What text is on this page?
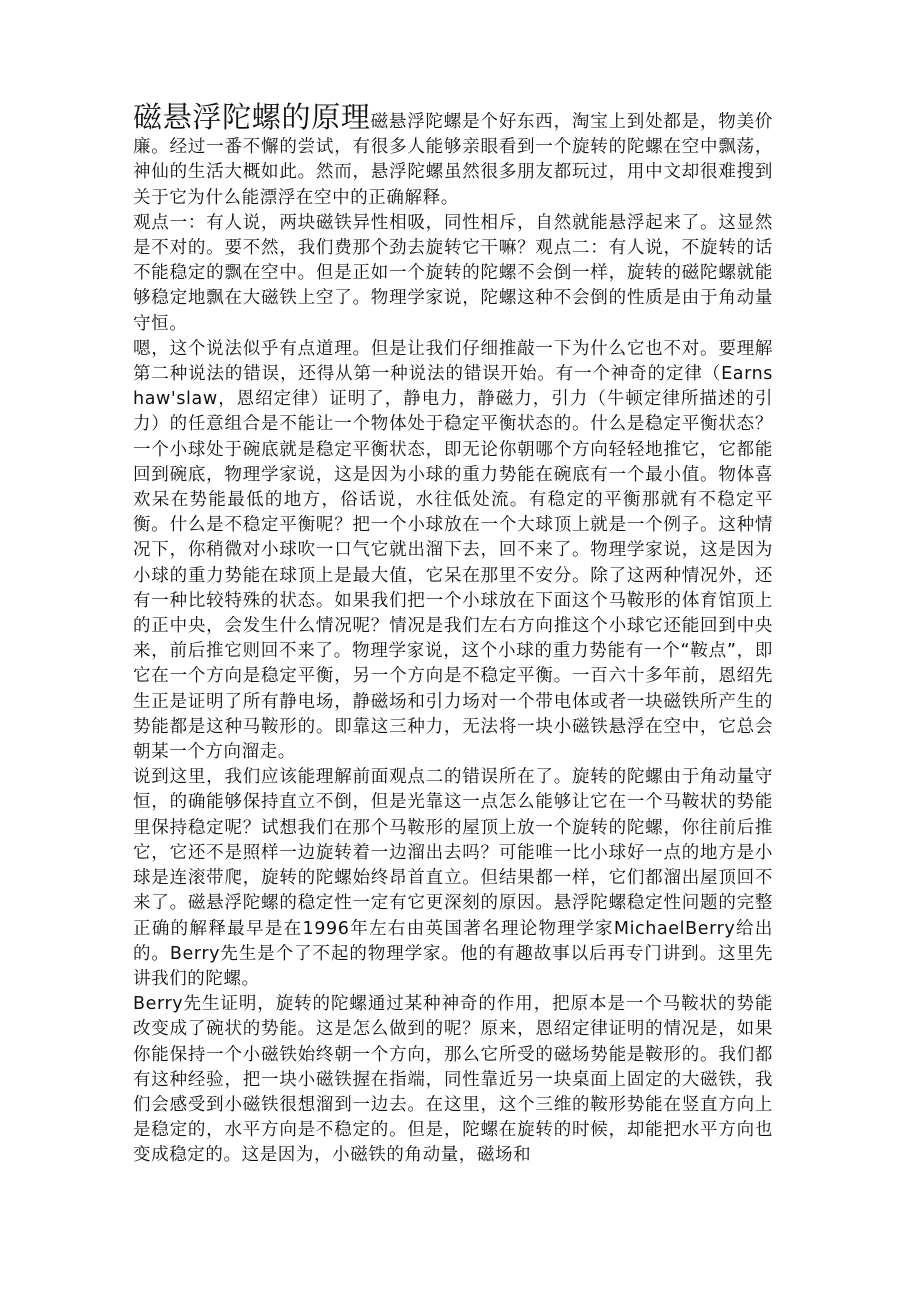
磁悬浮陀螺的原理磁悬浮陀螺是个好东西，淘宝上到处都是，物美价廉。经过一番不懈的尝试，有很多人能够亲眼看到一个旋转的陀螺在空中飘荡，神仙的生活大概如此。然而，悬浮陀螺虽然很多朋友都玩过，用中文却很难搜到关于它为什么能漂浮在空中的正确解释。

观点一：有人说，两块磁铁异性相吸，同性相斥，自然就能悬浮起来了。这显然是不对的。要不然，我们费那个劲去旋转它干嘛？观点二：有人说，不旋转的话不能稳定的飘在空中。但是正如一个旋转的陀螺不会倒一样，旋转的磁陀螺就能够稳定地飘在大磁铁上空了。物理学家说，陀螺这种不会倒的性质是由于角动量守恒。

嗯，这个说法似乎有点道理。但是让我们仔细推敲一下为什么它也不对。要理解第二种说法的错误，还得从第一种说法的错误开始。有一个神奇的定律（Earnshaw'slaw，恩绍定律）证明了，静电力，静磁力，引力（牛顿定律所描述的引力）的任意组合是不能让一个物体处于稳定平衡状态的。什么是稳定平衡状态？一个小球处于碗底就是稳定平衡状态，即无论你朝哪个方向轻轻地推它，它都能回到碗底，物理学家说，这是因为小球的重力势能在碗底有一个最小值。物体喜欢呆在势能最低的地方，俗话说，水往低处流。有稳定的平衡那就有不稳定平衡。什么是不稳定平衡呢？把一个小球放在一个大球顶上就是一个例子。这种情况下，你稍微对小球吹一口气它就出溜下去，回不来了。物理学家说，这是因为小球的重力势能在球顶上是最大值，它呆在那里不安分。除了这两种情况外，还有一种比较特殊的状态。如果我们把一个小球放在下面这个马鞍形的体育馆顶上的正中央，会发生什么情况呢？情况是我们左右方向推这个小球它还能回到中央来，前后推它则回不来了。物理学家说，这个小球的重力势能有一个“鞍点”，即它在一个方向是稳定平衡，另一个方向是不稳定平衡。一百六十多年前，恩绍先生正是证明了所有静电场，静磁场和引力场对一个带电体或者一块磁铁所产生的势能都是这种马鞍形的。即靠这三种力，无法将一块小磁铁悬浮在空中，它总会朝某一个方向溜走。

说到这里，我们应该能理解前面观点二的错误所在了。旋转的陀螺由于角动量守恒，的确能够保持直立不倒，但是光靠这一点怎么能够让它在一个马鞍状的势能里保持稳定呢？试想我们在那个马鞍形的屋顶上放一个旋转的陀螺，你往前后推它，它还不是照样一边旋转着一边溜出去吗？可能唯一比小球好一点的地方是小球是连滚带爬，旋转的陀螺始终昂首直立。但结果都一样，它们都溜出屋顶回不来了。磁悬浮陀螺的稳定性一定有它更深刻的原因。悬浮陀螺稳定性问题的完整正确的解释最早是在1996年左右由英国著名理论物理学家MichaelBerry给出的。Berry先生是个了不起的物理学家。他的有趣故事以后再专门讲到。这里先讲我们的陀螺。

Berry先生证明，旋转的陀螺通过某种神奇的作用，把原本是一个马鞍状的势能改变成了碗状的势能。这是怎么做到的呢？原来，恩绍定律证明的情况是，如果你能保持一个小磁铁始终朝一个方向，那么它所受的磁场势能是鞍形的。我们都有这种经验，把一块小磁铁握在指端，同性靠近另一块桌面上固定的大磁铁，我们会感受到小磁铁很想溜到一边去。在这里，这个三维的鞍形势能在竖直方向上是稳定的，水平方向是不稳定的。但是，陀螺在旋转的时候，却能把水平方向也变成稳定的。这是因为，小磁铁的角动量，磁场和
